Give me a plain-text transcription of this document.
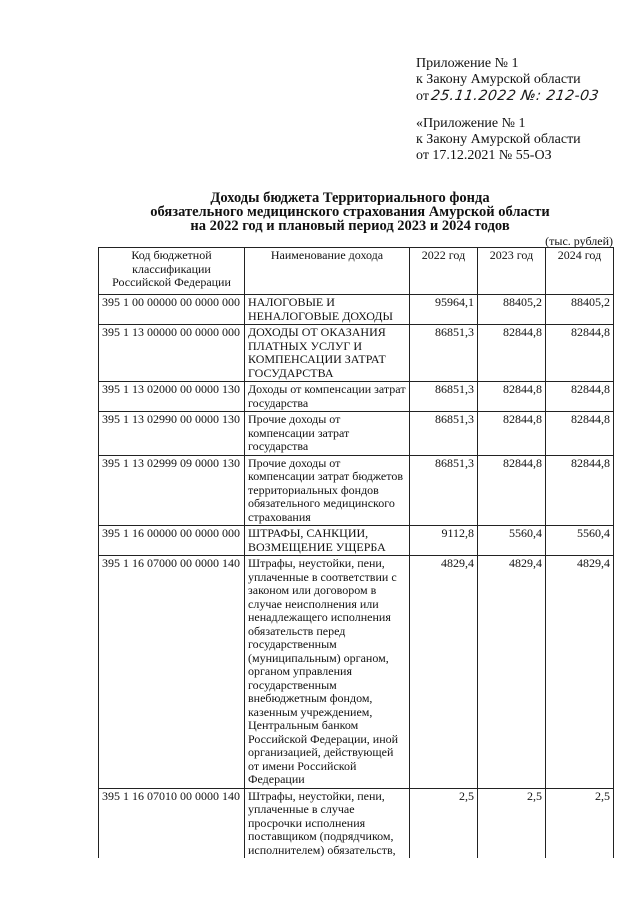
Приложение № 1
к Закону Амурской области
от25.11.2022 №: 212-03
«Приложение № 1
к Закону Амурской области
от 17.12.2021 № 55-ОЗ
Доходы бюджета Территориального фонда
обязательного медицинского страхования Амурской области
на 2022 год и плановый период 2023 и 2024 годов
(тыс. рублей)
Код бюджетной классификации Российской Федерации	Наименование дохода	2022 год	2023 год	2024 год
395 1 00 00000 00 0000 000	НАЛОГОВЫЕ И НЕНАЛОГОВЫЕ ДОХОДЫ	95964,1	88405,2	88405,2
395 1 13 00000 00 0000 000	ДОХОДЫ ОТ ОКАЗАНИЯ ПЛАТНЫХ УСЛУГ И КОМПЕНСАЦИИ ЗАТРАТ ГОСУДАРСТВА	86851,3	82844,8	82844,8
395 1 13 02000 00 0000 130	Доходы от компенсации затрат государства	86851,3	82844,8	82844,8
395 1 13 02990 00 0000 130	Прочие доходы от компенсации затрат государства	86851,3	82844,8	82844,8
395 1 13 02999 09 0000 130	Прочие доходы от компенсации затрат бюджетов территориальных фондов обязательного медицинского страхования	86851,3	82844,8	82844,8
395 1 16 00000 00 0000 000	ШТРАФЫ, САНКЦИИ, ВОЗМЕЩЕНИЕ УЩЕРБА	9112,8	5560,4	5560,4
395 1 16 07000 00 0000 140	Штрафы, неустойки, пени, уплаченные в соответствии с законом или договором в случае неисполнения или ненадлежащего исполнения обязательств перед государственным (муниципальным) органом, органом управления государственным внебюджетным фондом, казенным учреждением, Центральным банком Российской Федерации, иной организацией, действующей от имени Российской Федерации	4829,4	4829,4	4829,4
395 1 16 07010 00 0000 140	Штрафы, неустойки, пени, уплаченные в случае просрочки исполнения поставщиком (подрядчиком, исполнителем) обязательств,	2,5	2,5	2,5
